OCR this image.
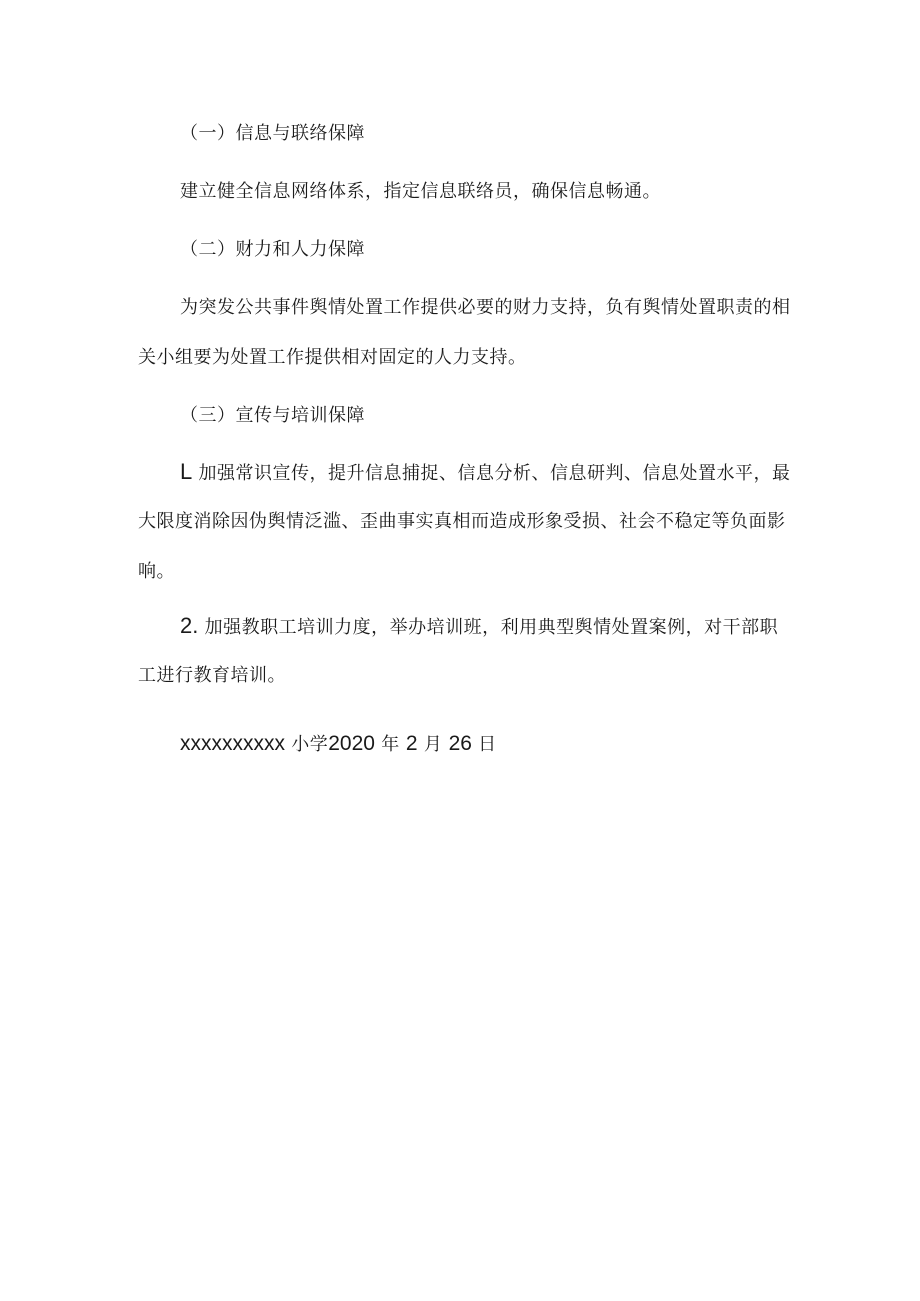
（一）信息与联络保障
建立健全信息网络体系，指定信息联络员，确保信息畅通。
（二）财力和人力保障
为突发公共事件舆情处置工作提供必要的财力支持，负有舆情处置职责的相
关小组要为处置工作提供相对固定的人力支持。
（三）宣传与培训保障
L 加强常识宣传，提升信息捕捉、信息分析、信息研判、信息处置水平，最
大限度消除因伪舆情泛滥、歪曲事实真相而造成形象受损、社会不稳定等负面影
响。
2. 加强教职工培训力度，举办培训班，利用典型舆情处置案例，对干部职
工进行教育培训。
xxxxxxxxxx 小学2020 年 2 月 26 日
